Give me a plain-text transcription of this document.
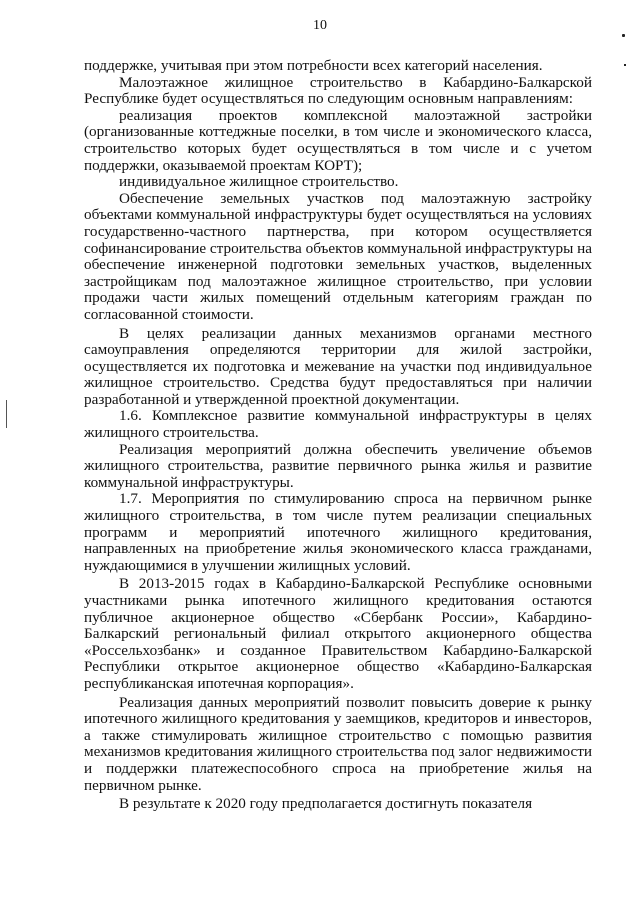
10

поддержке, учитывая при этом потребности всех категорий населения.

Малоэтажное жилищное строительство в Кабардино-Балкарской Республике будет осуществляться по следующим основным направлениям:

реализация проектов комплексной малоэтажной застройки (организованные коттеджные поселки, в том числе и экономического класса, строительство которых будет осуществляться в том числе и с учетом поддержки, оказываемой проектам КОРТ);

индивидуальное жилищное строительство.

Обеспечение земельных участков под малоэтажную застройку объектами коммунальной инфраструктуры будет осуществляться на условиях государственно-частного партнерства, при котором осуществляется софинансирование строительства объектов коммунальной инфраструктуры на обеспечение инженерной подготовки земельных участков, выделенных застройщикам под малоэтажное жилищное строительство, при условии продажи части жилых помещений отдельным категориям граждан по согласованной стоимости.

В целях реализации данных механизмов органами местного самоуправления определяются территории для жилой застройки, осуществляется их подготовка и межевание на участки под индивидуальное жилищное строительство. Средства будут предоставляться при наличии разработанной и утвержденной проектной документации.

1.6. Комплексное развитие коммунальной инфраструктуры в целях жилищного строительства.

Реализация мероприятий должна обеспечить увеличение объемов жилищного строительства, развитие первичного рынка жилья и развитие коммунальной инфраструктуры.

1.7. Мероприятия по стимулированию спроса на первичном рынке жилищного строительства, в том числе путем реализации специальных программ и мероприятий ипотечного жилищного кредитования, направленных на приобретение жилья экономического класса гражданами, нуждающимися в улучшении жилищных условий.

В 2013-2015 годах в Кабардино-Балкарской Республике основными участниками рынка ипотечного жилищного кредитования остаются публичное акционерное общество «Сбербанк России», Кабардино-Балкарский региональный филиал открытого акционерного общества «Россельхозбанк» и созданное Правительством Кабардино-Балкарской Республики открытое акционерное общество «Кабардино-Балкарская республиканская ипотечная корпорация».

Реализация данных мероприятий позволит повысить доверие к рынку ипотечного жилищного кредитования у заемщиков, кредиторов и инвесторов, а также стимулировать жилищное строительство с помощью развития механизмов кредитования жилищного строительства под залог недвижимости и поддержки платежеспособного спроса на приобретение жилья на первичном рынке.

В результате к 2020 году предполагается достигнуть показателя
